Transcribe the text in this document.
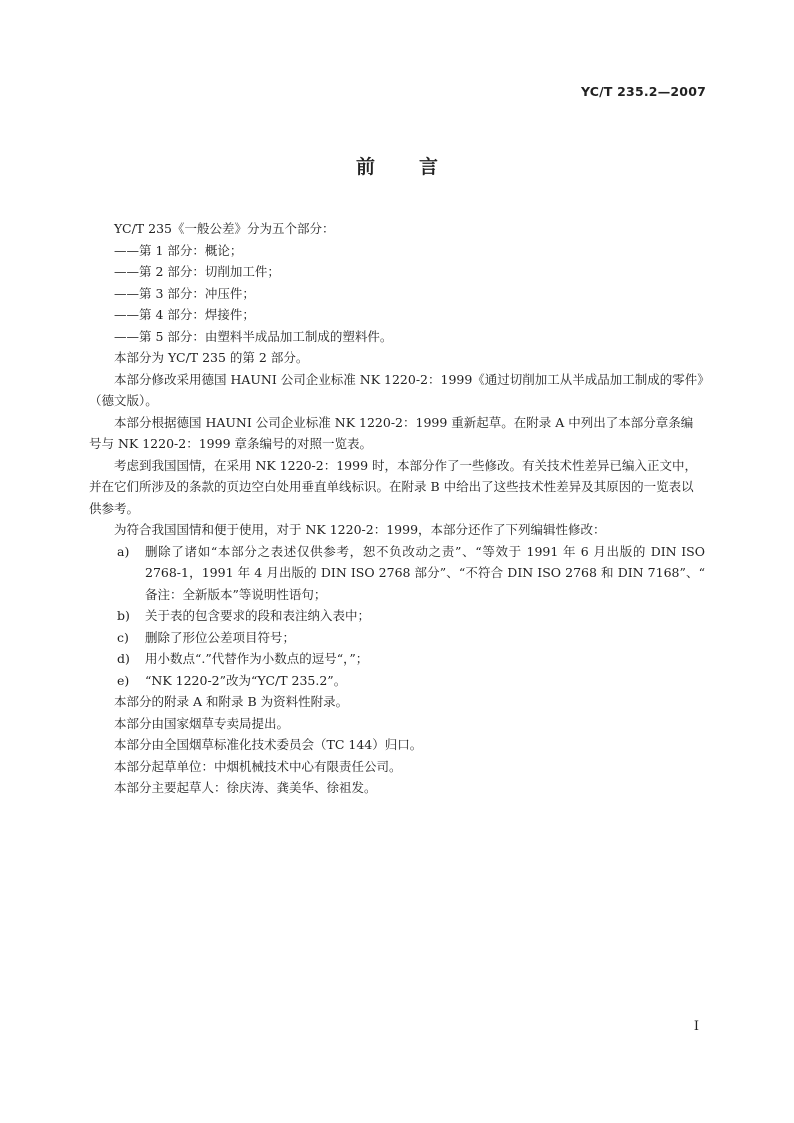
YC/T 235.2—2007
前言

YC/T 235《一般公差》分为五个部分：

——第 1 部分：概论；

——第 2 部分：切削加工件；

——第 3 部分：冲压件；

——第 4 部分：焊接件；

——第 5 部分：由塑料半成品加工制成的塑料件。

本部分为 YC/T 235 的第 2 部分。

本部分修改采用德国 HAUNI 公司企业标准 NK 1220-2：1999《通过切削加工从半成品加工制成的零件》（德文版）。

本部分根据德国 HAUNI 公司企业标准 NK 1220-2：1999 重新起草。在附录 A 中列出了本部分章条编号与 NK 1220-2：1999 章条编号的对照一览表。

考虑到我国国情，在采用 NK 1220-2：1999 时，本部分作了一些修改。有关技术性差异已编入正文中，并在它们所涉及的条款的页边空白处用垂直单线标识。在附录 B 中给出了这些技术性差异及其原因的一览表以供参考。

为符合我国国情和便于使用，对于 NK 1220-2：1999，本部分还作了下列编辑性修改：

a)	删除了诸如“本部分之表述仅供参考，恕不负改动之责”、“等效于 1991 年 6 月出版的 DIN ISO 2768-1，1991 年 4 月出版的 DIN ISO 2768 部分”、“不符合 DIN ISO 2768 和 DIN 7168”、“ 备注：全新版本”等说明性语句；
b)	关于表的包含要求的段和表注纳入表中；
c)	删除了形位公差项目符号；
d)	用小数点“.”代替作为小数点的逗号“，”；
e)	“NK 1220-2”改为“YC/T 235.2”。

本部分的附录 A 和附录 B 为资料性附录。

本部分由国家烟草专卖局提出。

本部分由全国烟草标准化技术委员会（TC 144）归口。

本部分起草单位：中烟机械技术中心有限责任公司。

本部分主要起草人：徐庆涛、龚美华、徐祖发。

I
